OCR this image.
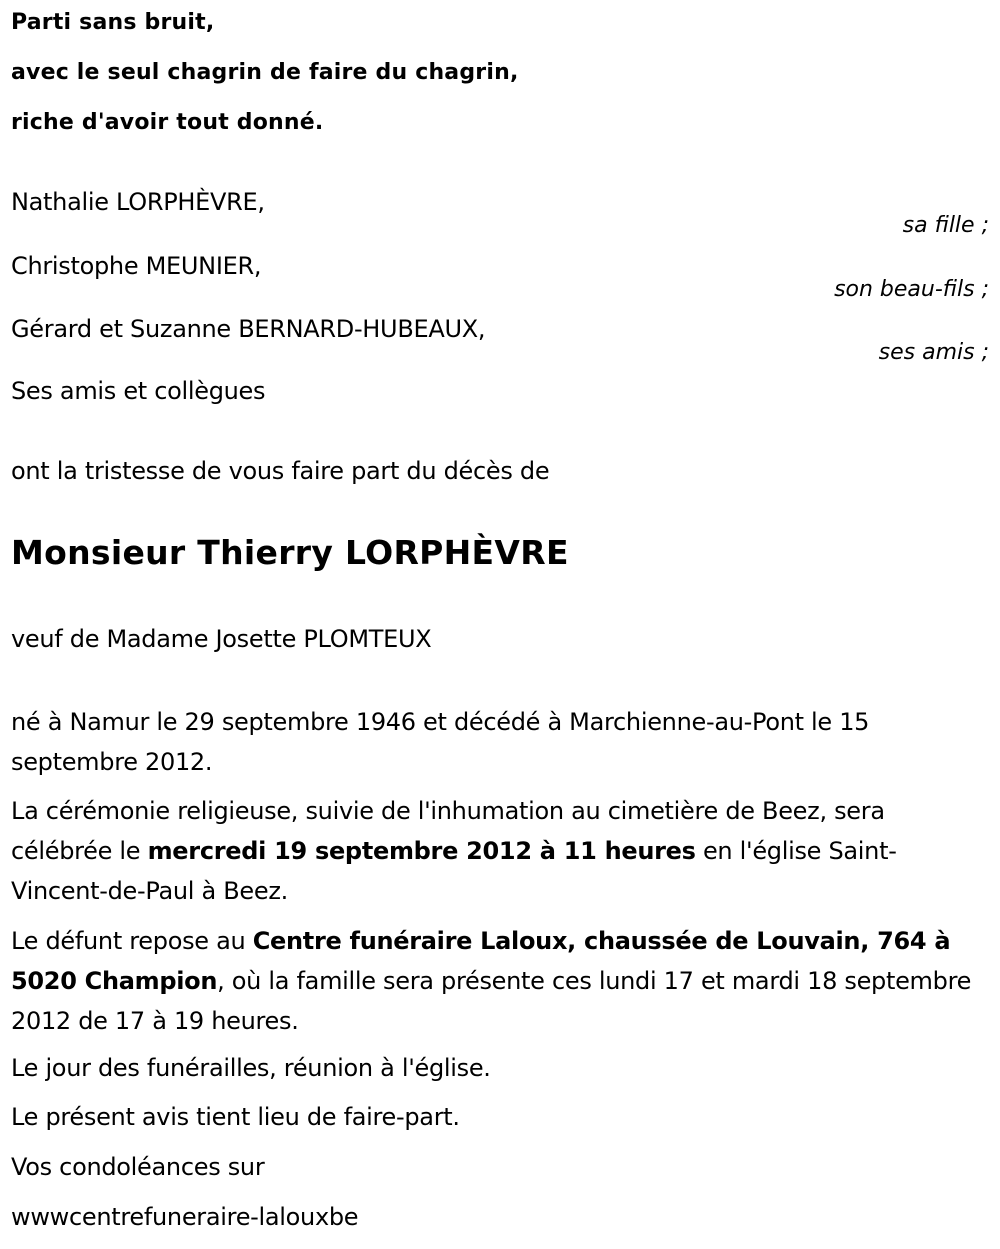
Parti sans bruit,
avec le seul chagrin de faire du chagrin,
riche d'avoir tout donné.
Nathalie LORPHÈVRE,
sa fille ;
Christophe MEUNIER,
son beau-fils ;
Gérard et Suzanne BERNARD-HUBEAUX,
ses amis ;
Ses amis et collègues
ont la tristesse de vous faire part du décès de
Monsieur Thierry LORPHÈVRE
veuf de Madame Josette PLOMTEUX
né à Namur le 29 septembre 1946 et décédé à Marchienne-au-Pont le 15 septembre 2012.
La cérémonie religieuse, suivie de l'inhumation au cimetière de Beez, sera célébrée le mercredi 19 septembre 2012 à 11 heures en l'église Saint-Vincent-de-Paul à Beez.
Le défunt repose au Centre funéraire Laloux, chaussée de Louvain, 764 à 5020 Champion, où la famille sera présente ces lundi 17 et mardi 18 septembre 2012 de 17 à 19 heures.
Le jour des funérailles, réunion à l'église.
Le présent avis tient lieu de faire-part.
Vos condoléances sur
wwwcentrefuneraire-lalouxbe
